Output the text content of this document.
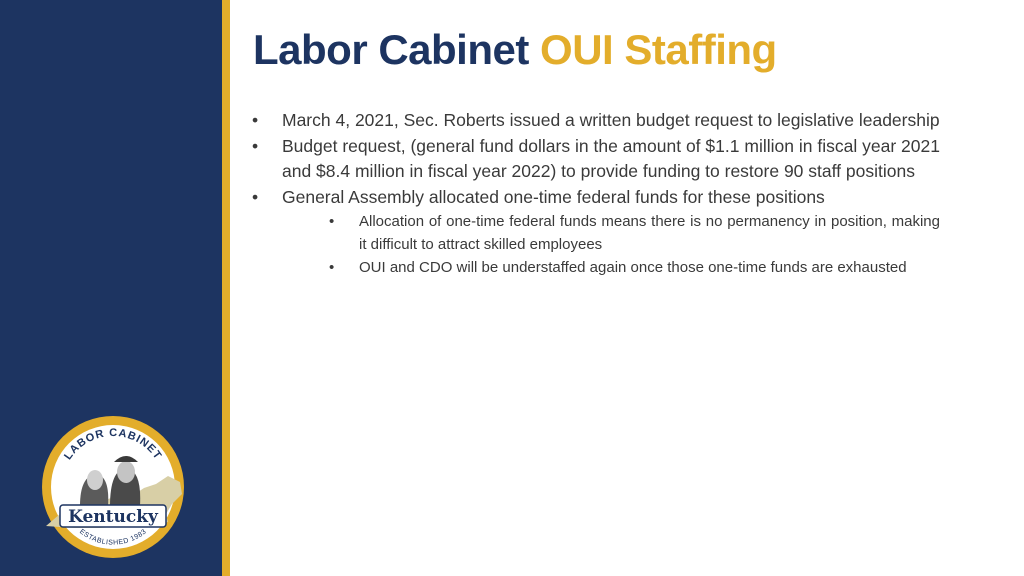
Labor Cabinet OUI Staffing
• March 4, 2021, Sec. Roberts issued a written budget request to legislative leadership
• Budget request, (general fund dollars in the amount of $1.1 million in fiscal year 2021 and $8.4 million in fiscal year 2022) to provide funding to restore 90 staff positions
• General Assembly allocated one-time federal funds for these positions
• Allocation of one-time federal funds means there is no permanency in position, making it difficult to attract skilled employees
• OUI and CDO will be understaffed again once those one-time funds are exhausted
Kentucky
LABOR CABINET
ESTABLISHED 1983
